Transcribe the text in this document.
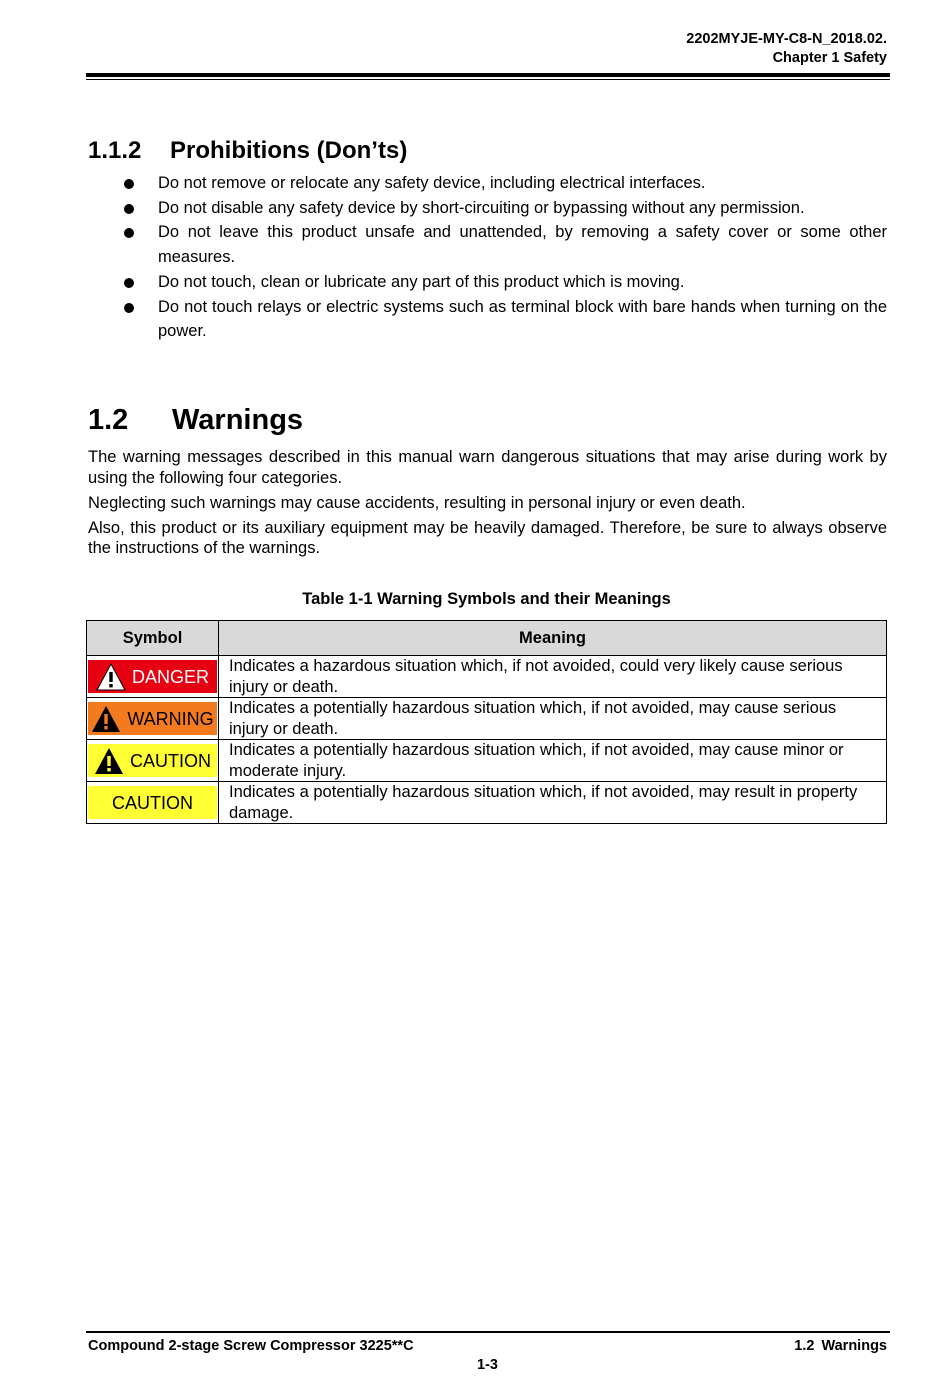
2202MYJE-MY-C8-N_2018.02.
Chapter 1 Safety
1.1.2 Prohibitions (Don’ts)
Do not remove or relocate any safety device, including electrical interfaces.
Do not disable any safety device by short-circuiting or bypassing without any permission.
Do not leave this product unsafe and unattended, by removing a safety cover or some other measures.
Do not touch, clean or lubricate any part of this product which is moving.
Do not touch relays or electric systems such as terminal block with bare hands when turning on the power.
1.2 Warnings

The warning messages described in this manual warn dangerous situations that may arise during work by using the following four categories.

Neglecting such warnings may cause accidents, resulting in personal injury or even death.

Also, this product or its auxiliary equipment may be heavily damaged. Therefore, be sure to always observe the instructions of the warnings.

Table 1-1 Warning Symbols and their Meanings
Symbol	Meaning

DANGER	Indicates a hazardous situation which, if not avoided, could very likely cause serious injury or death.

WARNING	Indicates a potentially hazardous situation which, if not avoided, may cause serious injury or death.

CAUTION	Indicates a potentially hazardous situation which, if not avoided, may cause minor or moderate injury.

CAUTION	Indicates a potentially hazardous situation which, if not avoided, may result in property damage.
Compound 2-stage Screw Compressor 3225**C	1.2 Warnings
1-3
